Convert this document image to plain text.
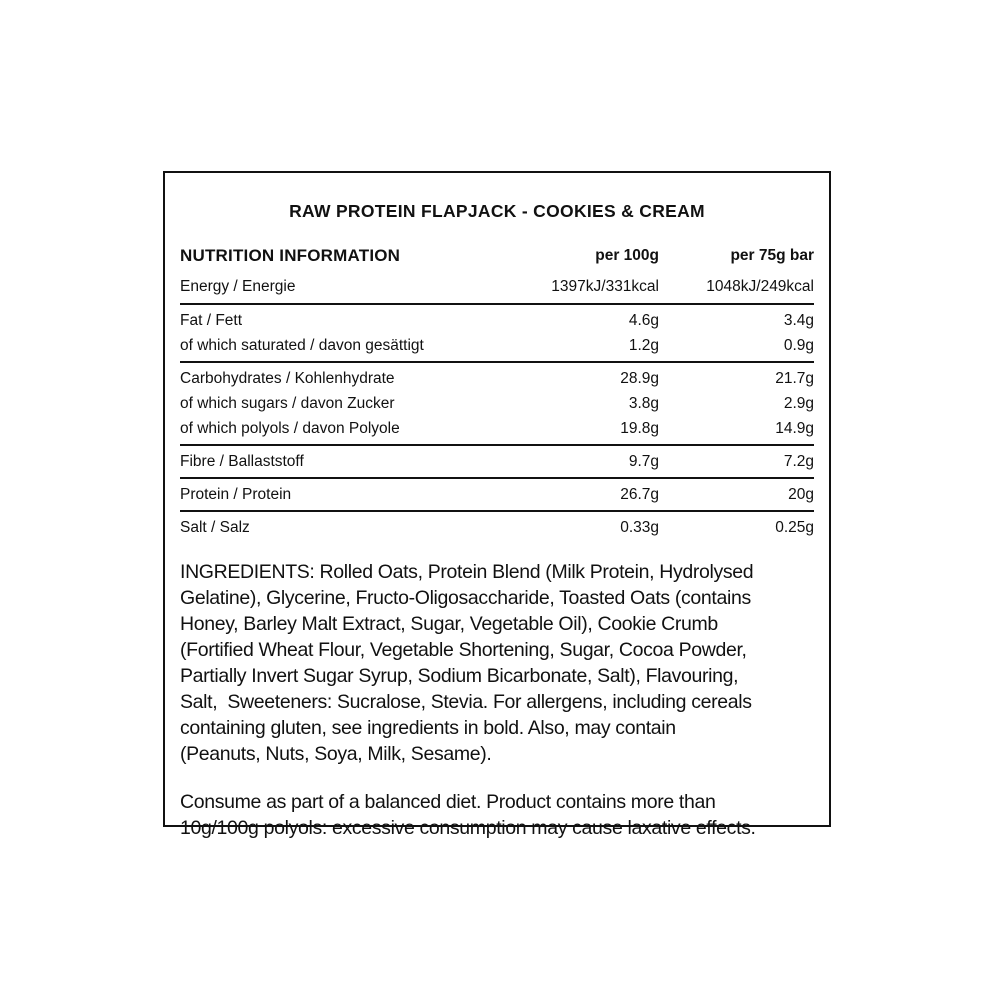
RAW PROTEIN FLAPJACK - COOKIES & CREAM
NUTRITION INFORMATION	per 100g	per 75g bar
Energy / Energie	1397kJ/331kcal	1048kJ/249kcal
Fat / Fett	4.6g	3.4g
of which saturated / davon gesättigt	1.2g	0.9g
Carbohydrates / Kohlenhydrate	28.9g	21.7g
of which sugars / davon Zucker	3.8g	2.9g
of which polyols / davon Polyole	19.8g	14.9g
Fibre / Ballaststoff	9.7g	7.2g
Protein / Protein	26.7g	20g
Salt / Salz	0.33g	0.25g
INGREDIENTS: Rolled Oats, Protein Blend (Milk Protein, Hydrolysed
Gelatine), Glycerine, Fructo-Oligosaccharide, Toasted Oats (contains
Honey, Barley Malt Extract, Sugar, Vegetable Oil), Cookie Crumb
(Fortified Wheat Flour, Vegetable Shortening, Sugar, Cocoa Powder,
Partially Invert Sugar Syrup, Sodium Bicarbonate, Salt), Flavouring,
Salt,  Sweeteners: Sucralose, Stevia. For allergens, including cereals
containing gluten, see ingredients in bold. Also, may contain
(Peanuts, Nuts, Soya, Milk, Sesame).
Consume as part of a balanced diet. Product contains more than
10g/100g polyols: excessive consumption may cause laxative effects.
